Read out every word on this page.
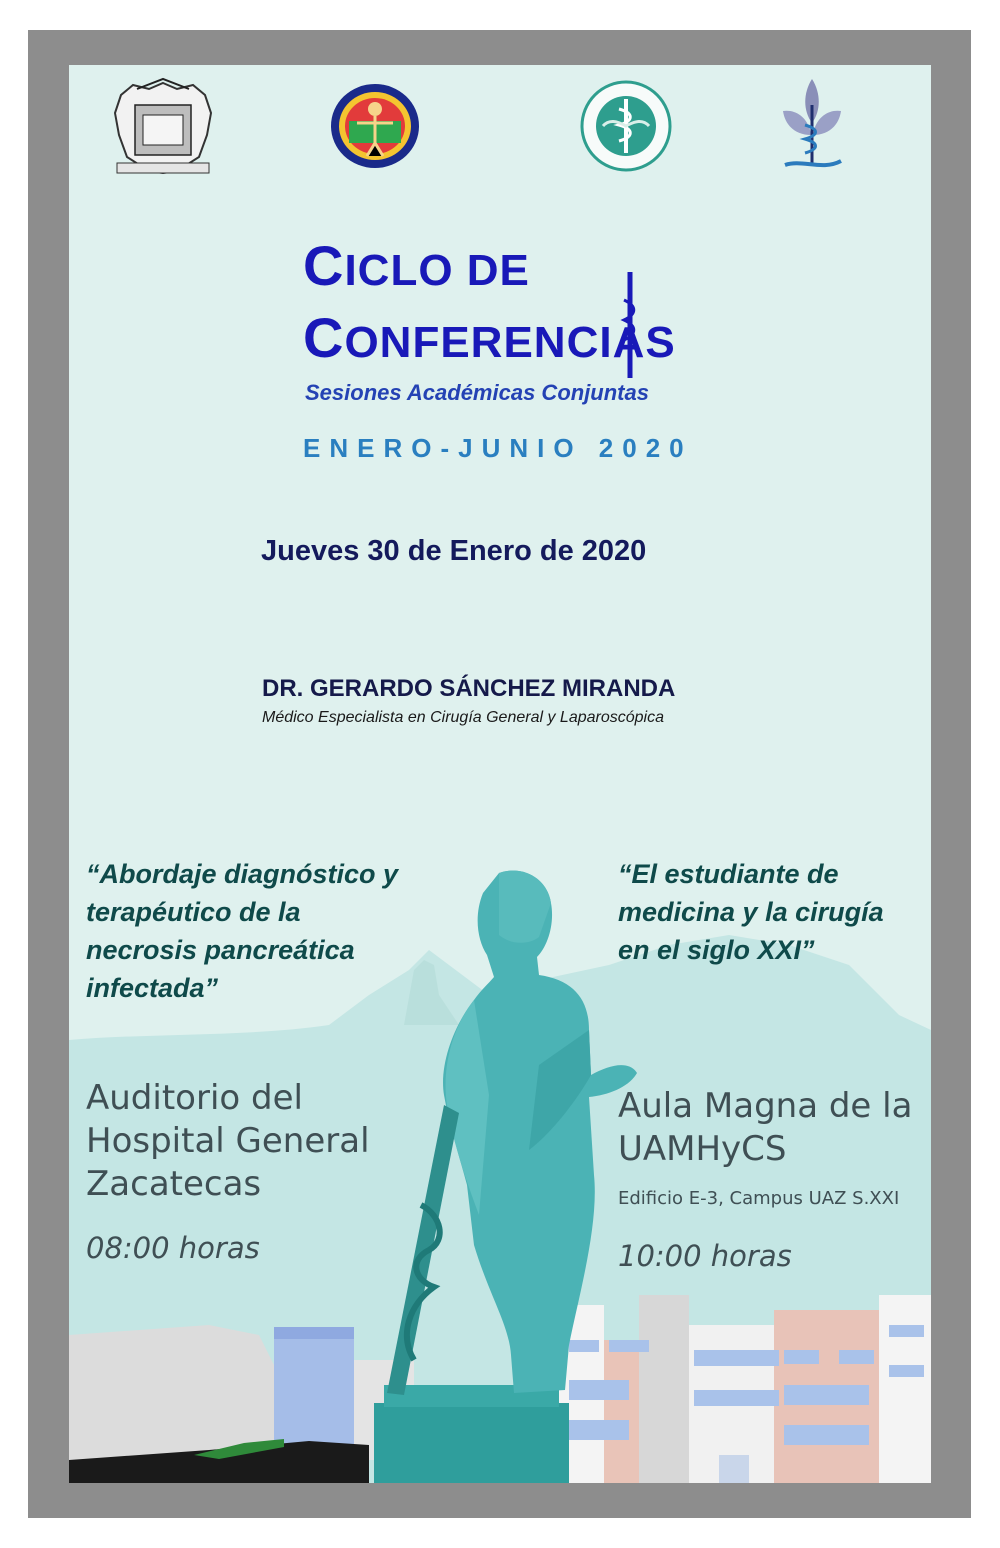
CICLO DE
CONFERENCIAS
Sesiones Académicas Conjuntas
ENERO-JUNIO 2020
Jueves 30 de Enero de 2020
DR. GERARDO SÁNCHEZ MIRANDA
Médico Especialista en Cirugía General y Laparoscópica
“Abordaje diagnóstico y terapéutico de la necrosis pancreática infectada”
Auditorio del Hospital General Zacatecas
08:00 horas
“El estudiante de medicina y la cirugía en el siglo XXI”
Aula Magna de la UAMHyCS
Edificio E-3, Campus UAZ S.XXI
10:00 horas
